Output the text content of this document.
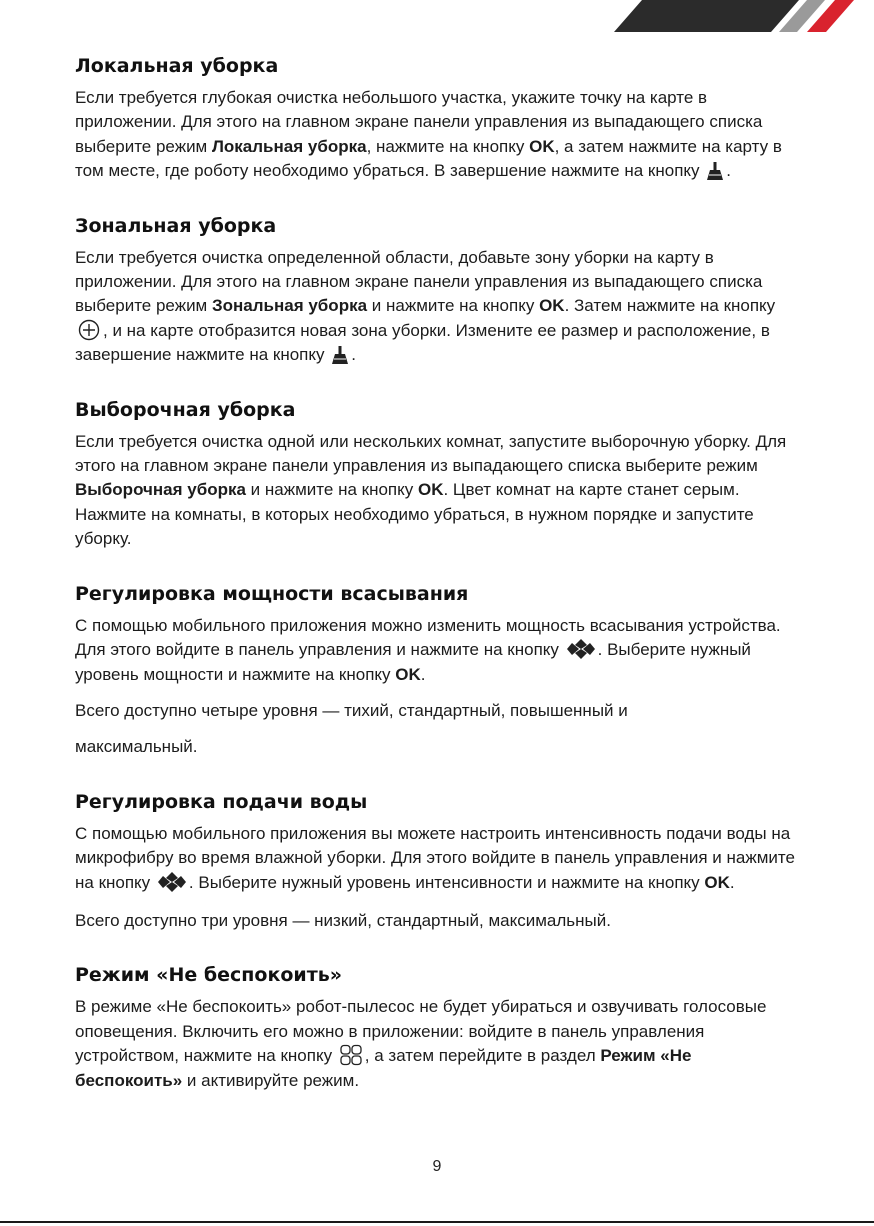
Локальная уборка

Если требуется глубокая очистка небольшого участка, укажите точку на карте в приложении. Для этого на главном экране панели управления из выпадающего списка выберите режим Локальная уборка, нажмите на кнопку OK, а затем нажмите на карту в том месте, где роботу необходимо убраться. В завершение нажмите на кнопку .

Зональная уборка

Если требуется очистка определенной области, добавьте зону уборки на карту в приложении. Для этого на главном экране панели управления из выпадающего списка выберите режим Зональная уборка и нажмите на кнопку OK. Затем нажмите на кнопку , и на карте отобразится новая зона уборки. Измените ее размер и расположение, в завершение нажмите на кнопку .

Выборочная уборка

Если требуется очистка одной или нескольких комнат, запустите выборочную уборку. Для этого на главном экране панели управления из выпадающего списка выберите режим Выборочная уборка и нажмите на кнопку OK. Цвет комнат на карте станет серым. Нажмите на комнаты, в которых необходимо убраться, в нужном порядке и запустите уборку.

Регулировка мощности всасывания

С помощью мобильного приложения можно изменить мощность всасывания устройства. Для этого войдите в панель управления и нажмите на кнопку . Выберите нужный уровень мощности и нажмите на кнопку OK.

Всего доступно четыре уровня — тихий, стандартный, повышенный и

максимальный.

Регулировка подачи воды

С помощью мобильного приложения вы можете настроить интенсивность подачи воды на микрофибру во время влажной уборки. Для этого войдите в панель управления и нажмите на кнопку . Выберите нужный уровень интенсивности и нажмите на кнопку OK.

Всего доступно три уровня — низкий, стандартный, максимальный.

Режим «Не беспокоить»

В режиме «Не беспокоить» робот-пылесос не будет убираться и озвучивать голосовые оповещения. Включить его можно в приложении: войдите в панель управления устройством, нажмите на кнопку , а затем перейдите в раздел Режим «Не беспокоить» и активируйте режим.

9
